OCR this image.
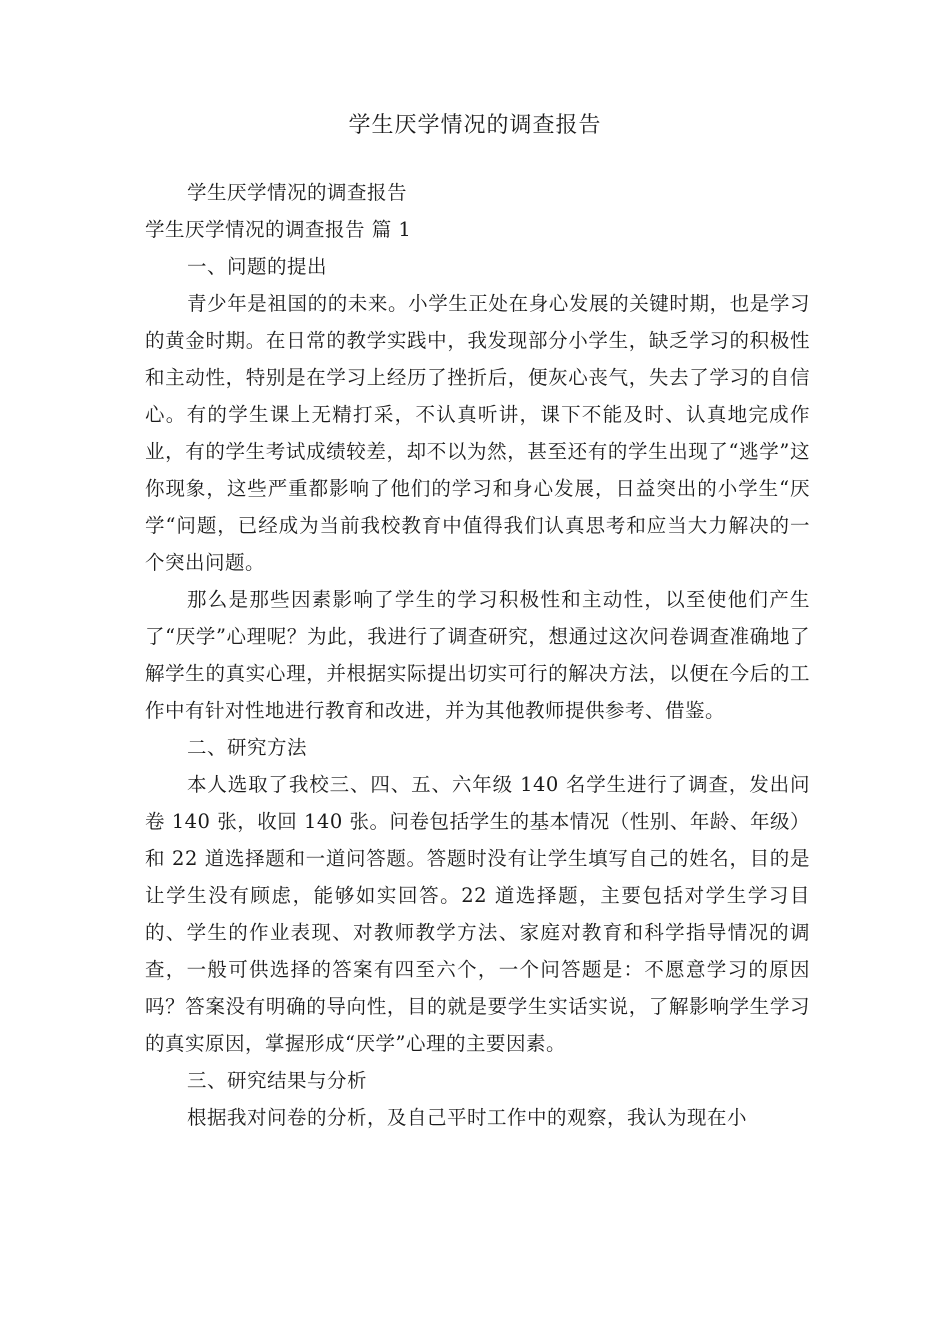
学生厌学情况的调查报告

学生厌学情况的调查报告

学生厌学情况的调查报告 篇 1

一、问题的提出

青少年是祖国的的未来。小学生正处在身心发展的关键时期，也是学习的黄金时期。在日常的教学实践中，我发现部分小学生，缺乏学习的积极性和主动性，特别是在学习上经历了挫折后，便灰心丧气，失去了学习的自信心。有的学生课上无精打采，不认真听讲，课下不能及时、认真地完成作业，有的学生考试成绩较差，却不以为然，甚至还有的学生出现了“逃学”这你现象，这些严重都影响了他们的学习和身心发展，日益突出的小学生“厌学“问题，已经成为当前我校教育中值得我们认真思考和应当大力解决的一个突出问题。

那么是那些因素影响了学生的学习积极性和主动性，以至使他们产生了“厌学”心理呢？为此，我进行了调查研究，想通过这次问卷调查准确地了解学生的真实心理，并根据实际提出切实可行的解决方法，以便在今后的工作中有针对性地进行教育和改进，并为其他教师提供参考、借鉴。

二、研究方法

本人选取了我校三、四、五、六年级 140 名学生进行了调查，发出问卷 140 张，收回 140 张。问卷包括学生的基本情况（性别、年龄、年级）和 22 道选择题和一道问答题。答题时没有让学生填写自己的姓名，目的是让学生没有顾虑，能够如实回答。22 道选择题，主要包括对学生学习目的、学生的作业表现、对教师教学方法、家庭对教育和科学指导情况的调查，一般可供选择的答案有四至六个，一个问答题是：不愿意学习的原因吗？答案没有明确的导向性，目的就是要学生实话实说，了解影响学生学习的真实原因，掌握形成“厌学”心理的主要因素。

三、研究结果与分析

根据我对问卷的分析，及自己平时工作中的观察，我认为现在小
